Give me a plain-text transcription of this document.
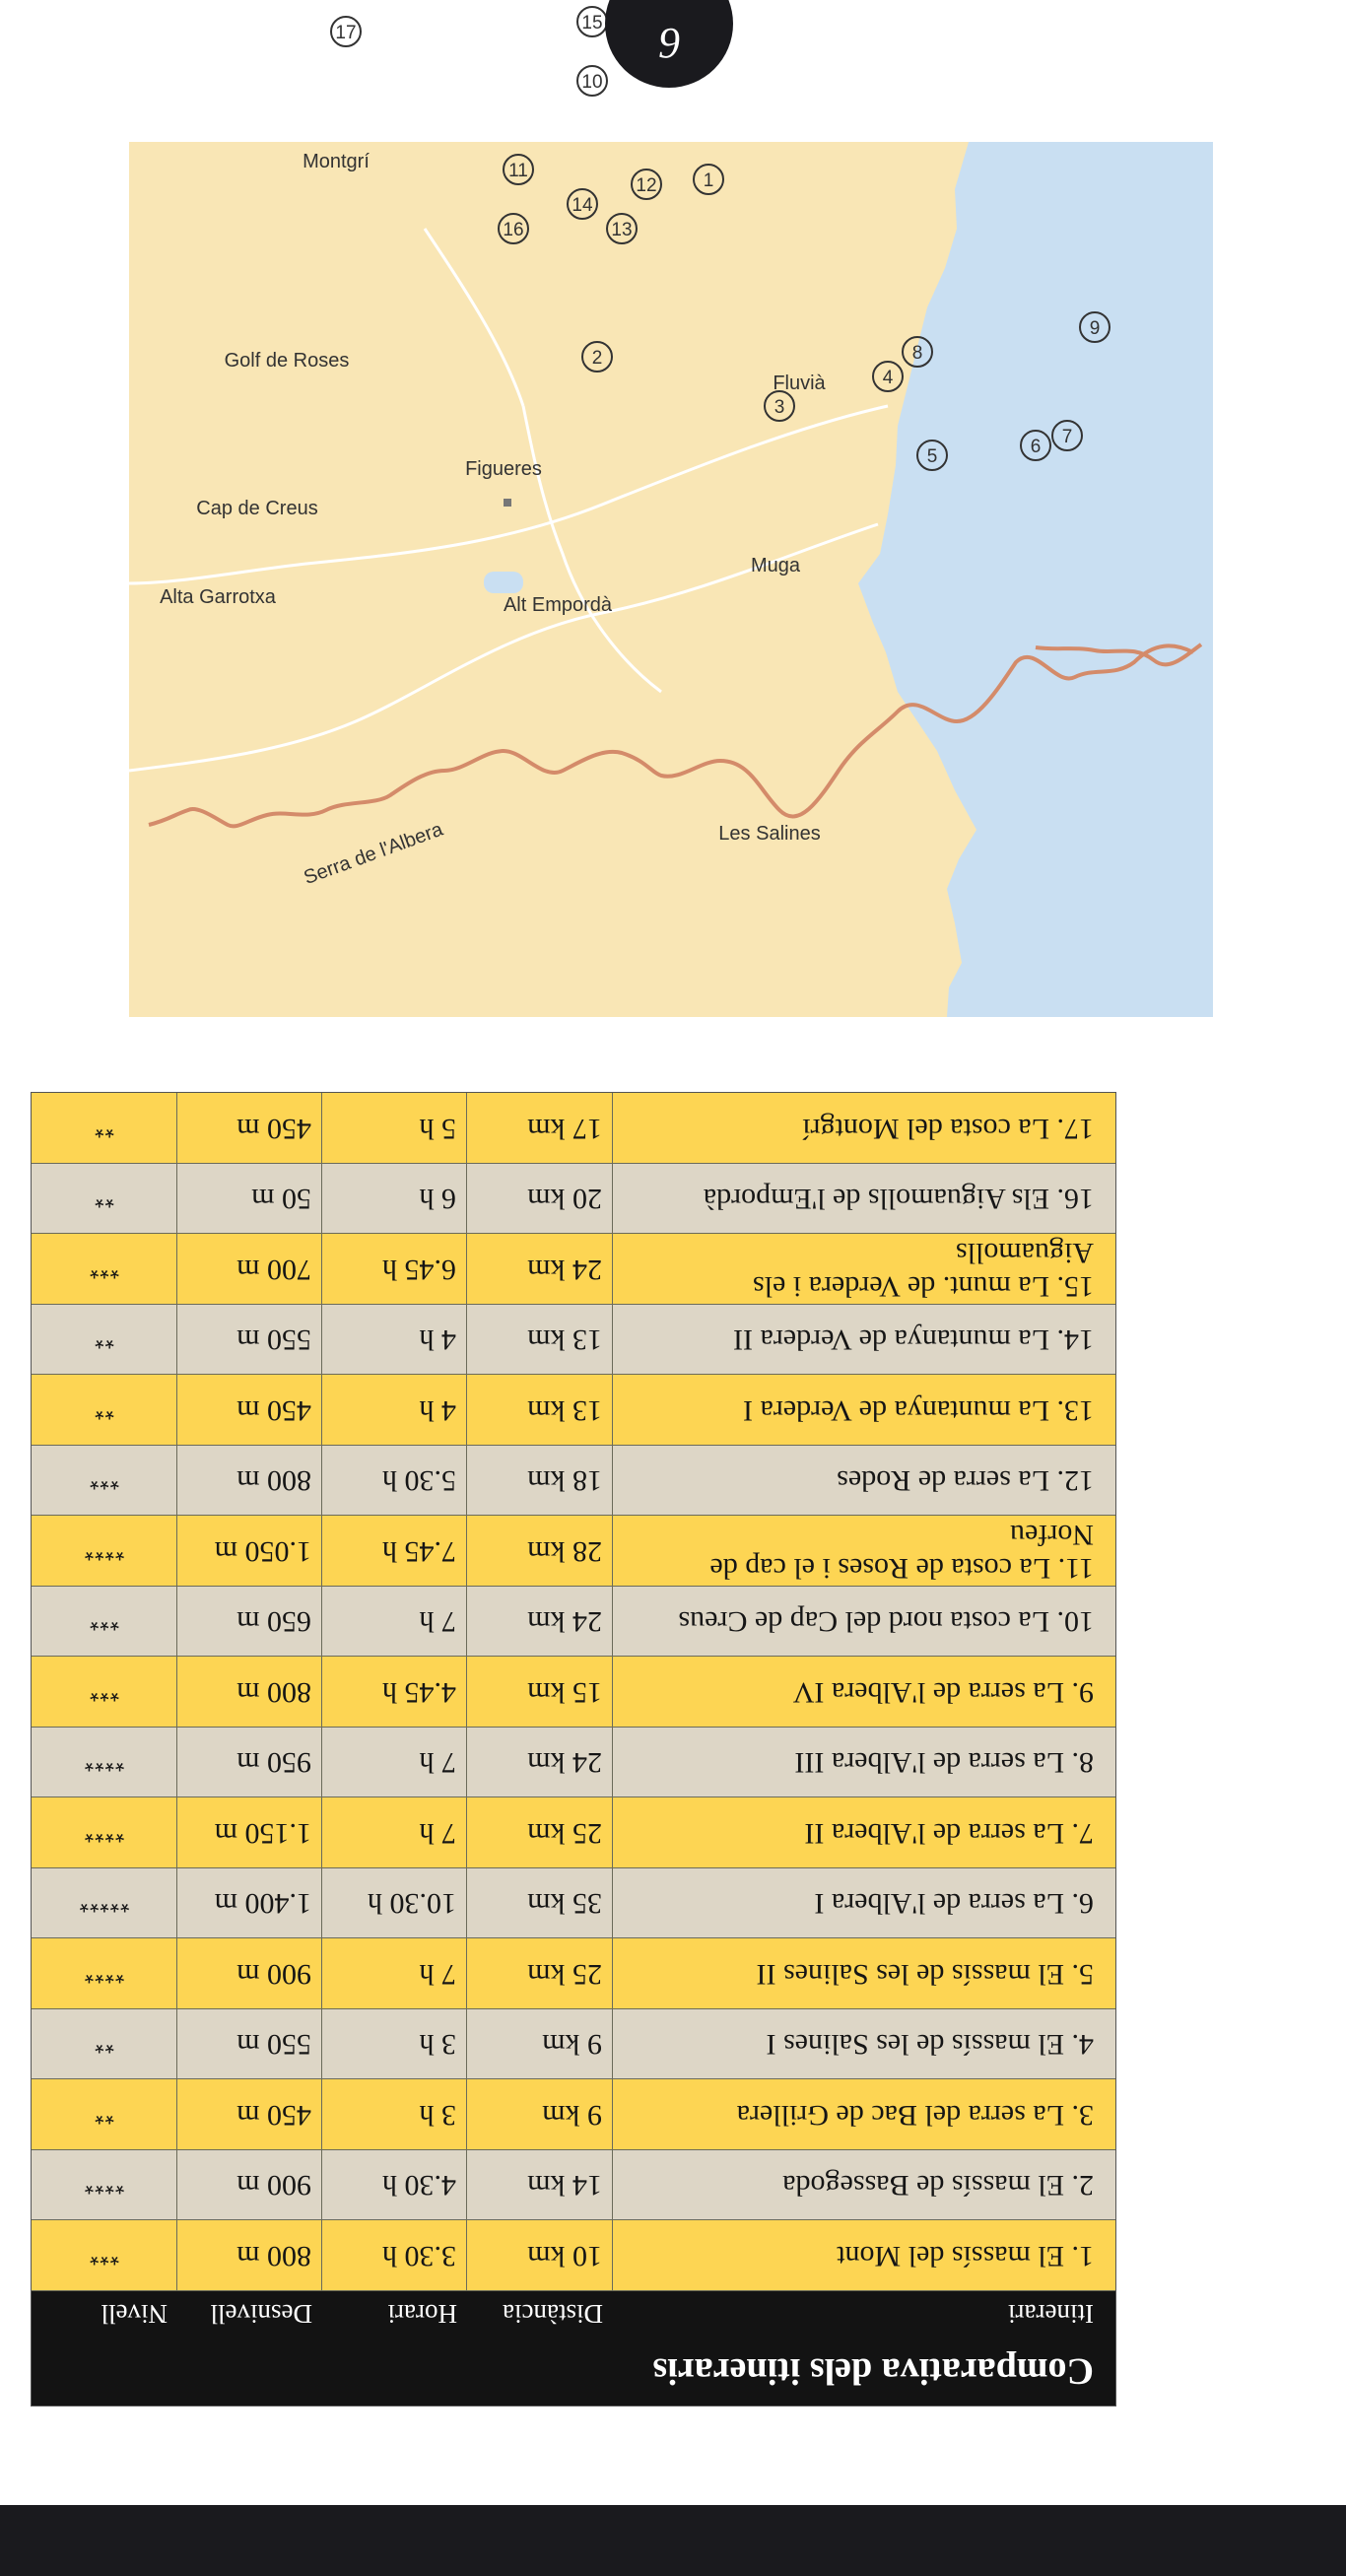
Comparativa dels itineraris
Itinerari
Distància
Horari
Desnivell
Nivell
1. El massís del Mont
10 km
3.30 h
800 m
***
2. El massís de Bassegoda
14 km
4.30 h
900 m
****
3. La serra del Bac de Grillera
9 km
3 h
450 m
**
4. El massís de les Salines I
9 km
3 h
550 m
**
5. El massís de les Salines II
25 km
7 h
900 m
****
6. La serra de l'Albera I
35 km
10.30 h
1.400 m
*****
7. La serra de l'Albera II
25 km
7 h
1.150 m
****
8. La serra de l'Albera III
24 km
7 h
950 m
****
9. La serra de l'Albera IV
15 km
4.45 h
800 m
***
10. La costa nord del Cap de Creus
24 km
7 h
650 m
***
11. La costa de Roses i el cap de Norfeu
28 km
7.45 h
1.050 m
****
12. La serra de Rodes
18 km
5.30 h
800 m
***
13. La muntanya de Verdera I
13 km
4 h
450 m
**
14. La muntanya de Verdera II
13 km
4 h
550 m
**
15. La munt. de Verdera i els Aiguamolls
24 km
6.45 h
700 m
***
16. Els Aiguamolls de l'Empordà
20 km
6 h
50 m
**
17. La costa del Montgrí
17 km
5 h
450 m
**
Montgrí
Golf de Roses
Fluvià
Cap de Creus
Figueres
Alt Empordà
Muga
Alta Garrotxa
Les Salines
Serra de l'Albera
1
2
3
4
5	6 7
8
9
10
11
12
13
14
15
16
17	9
